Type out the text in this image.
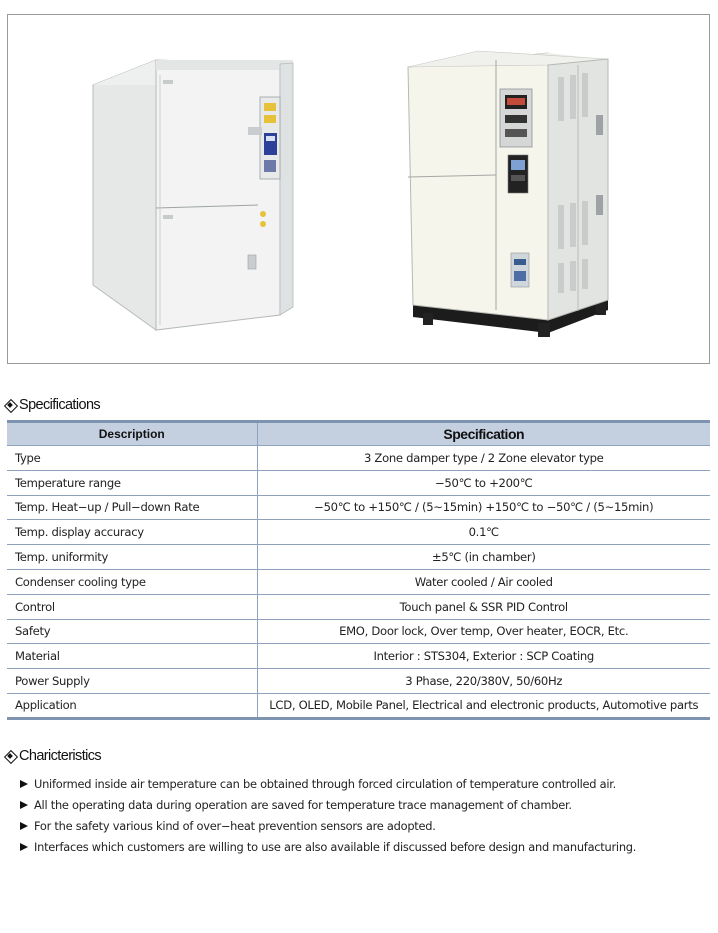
Specifications
Description	Specification
Type	3 Zone damper type / 2 Zone elevator type
Temperature range	−50℃ to +200℃
Temp. Heat−up / Pull−down Rate	−50℃ to +150℃ / (5∼15min) +150℃ to −50℃ / (5∼15min)
Temp. display accuracy	0.1℃
Temp. uniformity	±5℃ (in chamber)
Condenser cooling type	Water cooled / Air cooled
Control	Touch panel & SSR PID Control
Safety	EMO, Door lock, Over temp, Over heater, EOCR, Etc.
Material	Interior : STS304, Exterior : SCP Coating
Power Supply	3 Phase, 220/380V, 50/60Hz
Application	LCD, OLED, Mobile Panel, Electrical and electronic products, Automotive parts
Charicteristics
Uniformed inside air temperature can be obtained through forced circulation of temperature controlled air.
All the operating data during operation are saved for temperature trace management of chamber.
For the safety various kind of over−heat prevention sensors are adopted.
Interfaces which customers are willing to use are also available if discussed before design and manufacturing.
